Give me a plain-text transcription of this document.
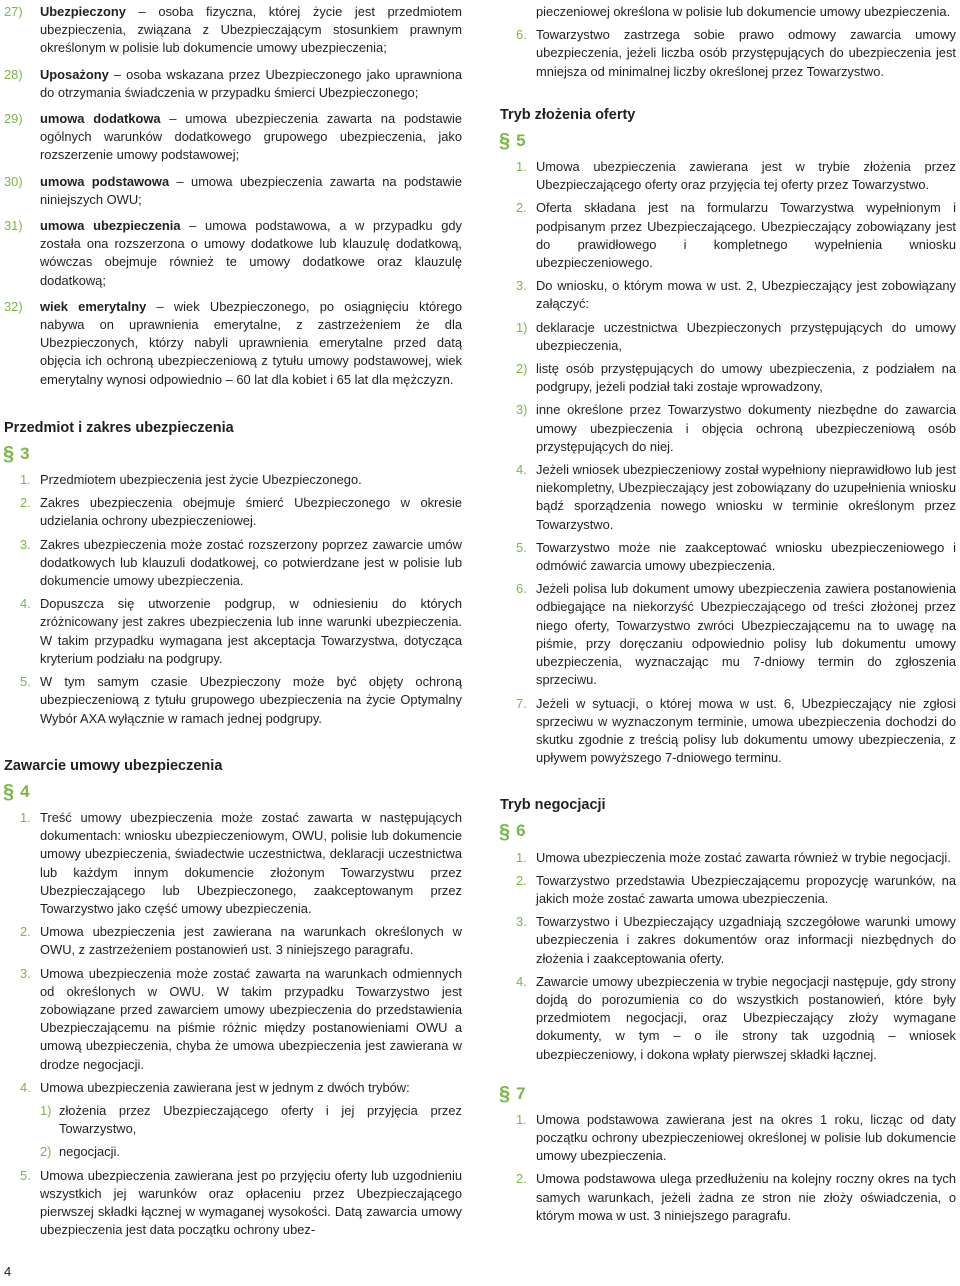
27) Ubezpieczony – osoba fizyczna, której życie jest przedmiotem ubezpieczenia, związana z Ubezpieczającym stosunkiem prawnym określonym w polisie lub dokumencie umowy ubezpieczenia;
28) Uposażony – osoba wskazana przez Ubezpieczonego jako uprawniona do otrzymania świadczenia w przypadku śmierci Ubezpieczonego;
29) umowa dodatkowa – umowa ubezpieczenia zawarta na podstawie ogólnych warunków dodatkowego grupowego ubezpieczenia, jako rozszerzenie umowy podstawowej;
30) umowa podstawowa – umowa ubezpieczenia zawarta na podstawie niniejszych OWU;
31) umowa ubezpieczenia – umowa podstawowa, a w przypadku gdy została ona rozszerzona o umowy dodatkowe lub klauzulę dodatkową, wówczas obejmuje również te umowy dodatkowe oraz klauzulę dodatkową;
32) wiek emerytalny – wiek Ubezpieczonego, po osiągnięciu którego nabywa on uprawnienia emerytalne, z zastrzeżeniem że dla Ubezpieczonych, którzy nabyli uprawnienia emerytalne przed datą objęcia ich ochroną ubezpieczeniową z tytułu umowy podstawowej, wiek emerytalny wynosi odpowiednio – 60 lat dla kobiet i 65 lat dla mężczyzn.
Przedmiot i zakres ubezpieczenia
§ 3
1. Przedmiotem ubezpieczenia jest życie Ubezpieczonego.
2. Zakres ubezpieczenia obejmuje śmierć Ubezpieczonego w okresie udzielania ochrony ubezpieczeniowej.
3. Zakres ubezpieczenia może zostać rozszerzony poprzez zawarcie umów dodatkowych lub klauzuli dodatkowej, co potwierdzane jest w polisie lub dokumencie umowy ubezpieczenia.
4. Dopuszcza się utworzenie podgrup, w odniesieniu do których zróżnicowany jest zakres ubezpieczenia lub inne warunki ubezpieczenia. W takim przypadku wymagana jest akceptacja Towarzystwa, dotycząca kryterium podziału na podgrupy.
5. W tym samym czasie Ubezpieczony może być objęty ochroną ubezpieczeniową z tytułu grupowego ubezpieczenia na życie Optymalny Wybór AXA wyłącznie w ramach jednej podgrupy.
Zawarcie umowy ubezpieczenia
§ 4
1. Treść umowy ubezpieczenia może zostać zawarta w następujących dokumentach: wniosku ubezpieczeniowym, OWU, polisie lub dokumencie umowy ubezpieczenia, świadectwie uczestnictwa, deklaracji uczestnictwa lub każdym innym dokumencie złożonym Towarzystwu przez Ubezpieczającego lub Ubezpieczonego, zaakceptowanym przez Towarzystwo jako część umowy ubezpieczenia.
2. Umowa ubezpieczenia jest zawierana na warunkach określonych w OWU, z zastrzeżeniem postanowień ust. 3 niniejszego paragrafu.
3. Umowa ubezpieczenia może zostać zawarta na warunkach odmiennych od określonych w OWU. W takim przypadku Towarzystwo jest zobowiązane przed zawarciem umowy ubezpieczenia do przedstawienia Ubezpieczającemu na piśmie różnic między postanowieniami OWU a umową ubezpieczenia, chyba że umowa ubezpieczenia jest zawierana w drodze negocjacji.
4. Umowa ubezpieczenia zawierana jest w jednym z dwóch trybów:
1) złożenia przez Ubezpieczającego oferty i jej przyjęcia przez Towarzystwo,
2) negocjacji.
5. Umowa ubezpieczenia zawierana jest po przyjęciu oferty lub uzgodnieniu wszystkich jej warunków oraz opłaceniu przez Ubezpieczającego pierwszej składki łącznej w wymaganej wysokości. Datą zawarcia umowy ubezpieczenia jest data początku ochrony ubez-
pieczeniowej określona w polisie lub dokumencie umowy ubezpieczenia.
6. Towarzystwo zastrzega sobie prawo odmowy zawarcia umowy ubezpieczenia, jeżeli liczba osób przystępujących do ubezpieczenia jest mniejsza od minimalnej liczby określonej przez Towarzystwo.
Tryb złożenia oferty
§ 5
1. Umowa ubezpieczenia zawierana jest w trybie złożenia przez Ubezpieczającego oferty oraz przyjęcia tej oferty przez Towarzystwo.
2. Oferta składana jest na formularzu Towarzystwa wypełnionym i podpisanym przez Ubezpieczającego. Ubezpieczający zobowiązany jest do prawidłowego i kompletnego wypełnienia wniosku ubezpieczeniowego.
3. Do wniosku, o którym mowa w ust. 2, Ubezpieczający jest zobowiązany załączyć:
1) deklaracje uczestnictwa Ubezpieczonych przystępujących do umowy ubezpieczenia,
2) listę osób przystępujących do umowy ubezpieczenia, z podziałem na podgrupy, jeżeli podział taki zostaje wprowadzony,
3) inne określone przez Towarzystwo dokumenty niezbędne do zawarcia umowy ubezpieczenia i objęcia ochroną ubezpieczeniową osób przystępujących do niej.
4. Jeżeli wniosek ubezpieczeniowy został wypełniony nieprawidłowo lub jest niekompletny, Ubezpieczający jest zobowiązany do uzupełnienia wniosku bądź sporządzenia nowego wniosku w terminie określonym przez Towarzystwo.
5. Towarzystwo może nie zaakceptować wniosku ubezpieczeniowego i odmówić zawarcia umowy ubezpieczenia.
6. Jeżeli polisa lub dokument umowy ubezpieczenia zawiera postanowienia odbiegające na niekorzyść Ubezpieczającego od treści złożonej przez niego oferty, Towarzystwo zwróci Ubezpieczającemu na to uwagę na piśmie, przy doręczaniu odpowiednio polisy lub dokumentu umowy ubezpieczenia, wyznaczając mu 7-dniowy termin do zgłoszenia sprzeciwu.
7. Jeżeli w sytuacji, o której mowa w ust. 6, Ubezpieczający nie zgłosi sprzeciwu w wyznaczonym terminie, umowa ubezpieczenia dochodzi do skutku zgodnie z treścią polisy lub dokumentu umowy ubezpieczenia, z upływem powyższego 7-dniowego terminu.
Tryb negocjacji
§ 6
1. Umowa ubezpieczenia może zostać zawarta również w trybie negocjacji.
2. Towarzystwo przedstawia Ubezpieczającemu propozycję warunków, na jakich może zostać zawarta umowa ubezpieczenia.
3. Towarzystwo i Ubezpieczający uzgadniają szczegółowe warunki umowy ubezpieczenia i zakres dokumentów oraz informacji niezbędnych do złożenia i zaakceptowania oferty.
4. Zawarcie umowy ubezpieczenia w trybie negocjacji następuje, gdy strony dojdą do porozumienia co do wszystkich postanowień, które były przedmiotem negocjacji, oraz Ubezpieczający złoży wymagane dokumenty, w tym – o ile strony tak uzgodnią – wniosek ubezpieczeniowy, i dokona wpłaty pierwszej składki łącznej.
§ 7
1. Umowa podstawowa zawierana jest na okres 1 roku, licząc od daty początku ochrony ubezpieczeniowej określonej w polisie lub dokumencie umowy ubezpieczenia.
2. Umowa podstawowa ulega przedłużeniu na kolejny roczny okres na tych samych warunkach, jeżeli żadna ze stron nie złoży oświadczenia, o którym mowa w ust. 3 niniejszego paragrafu.
4
